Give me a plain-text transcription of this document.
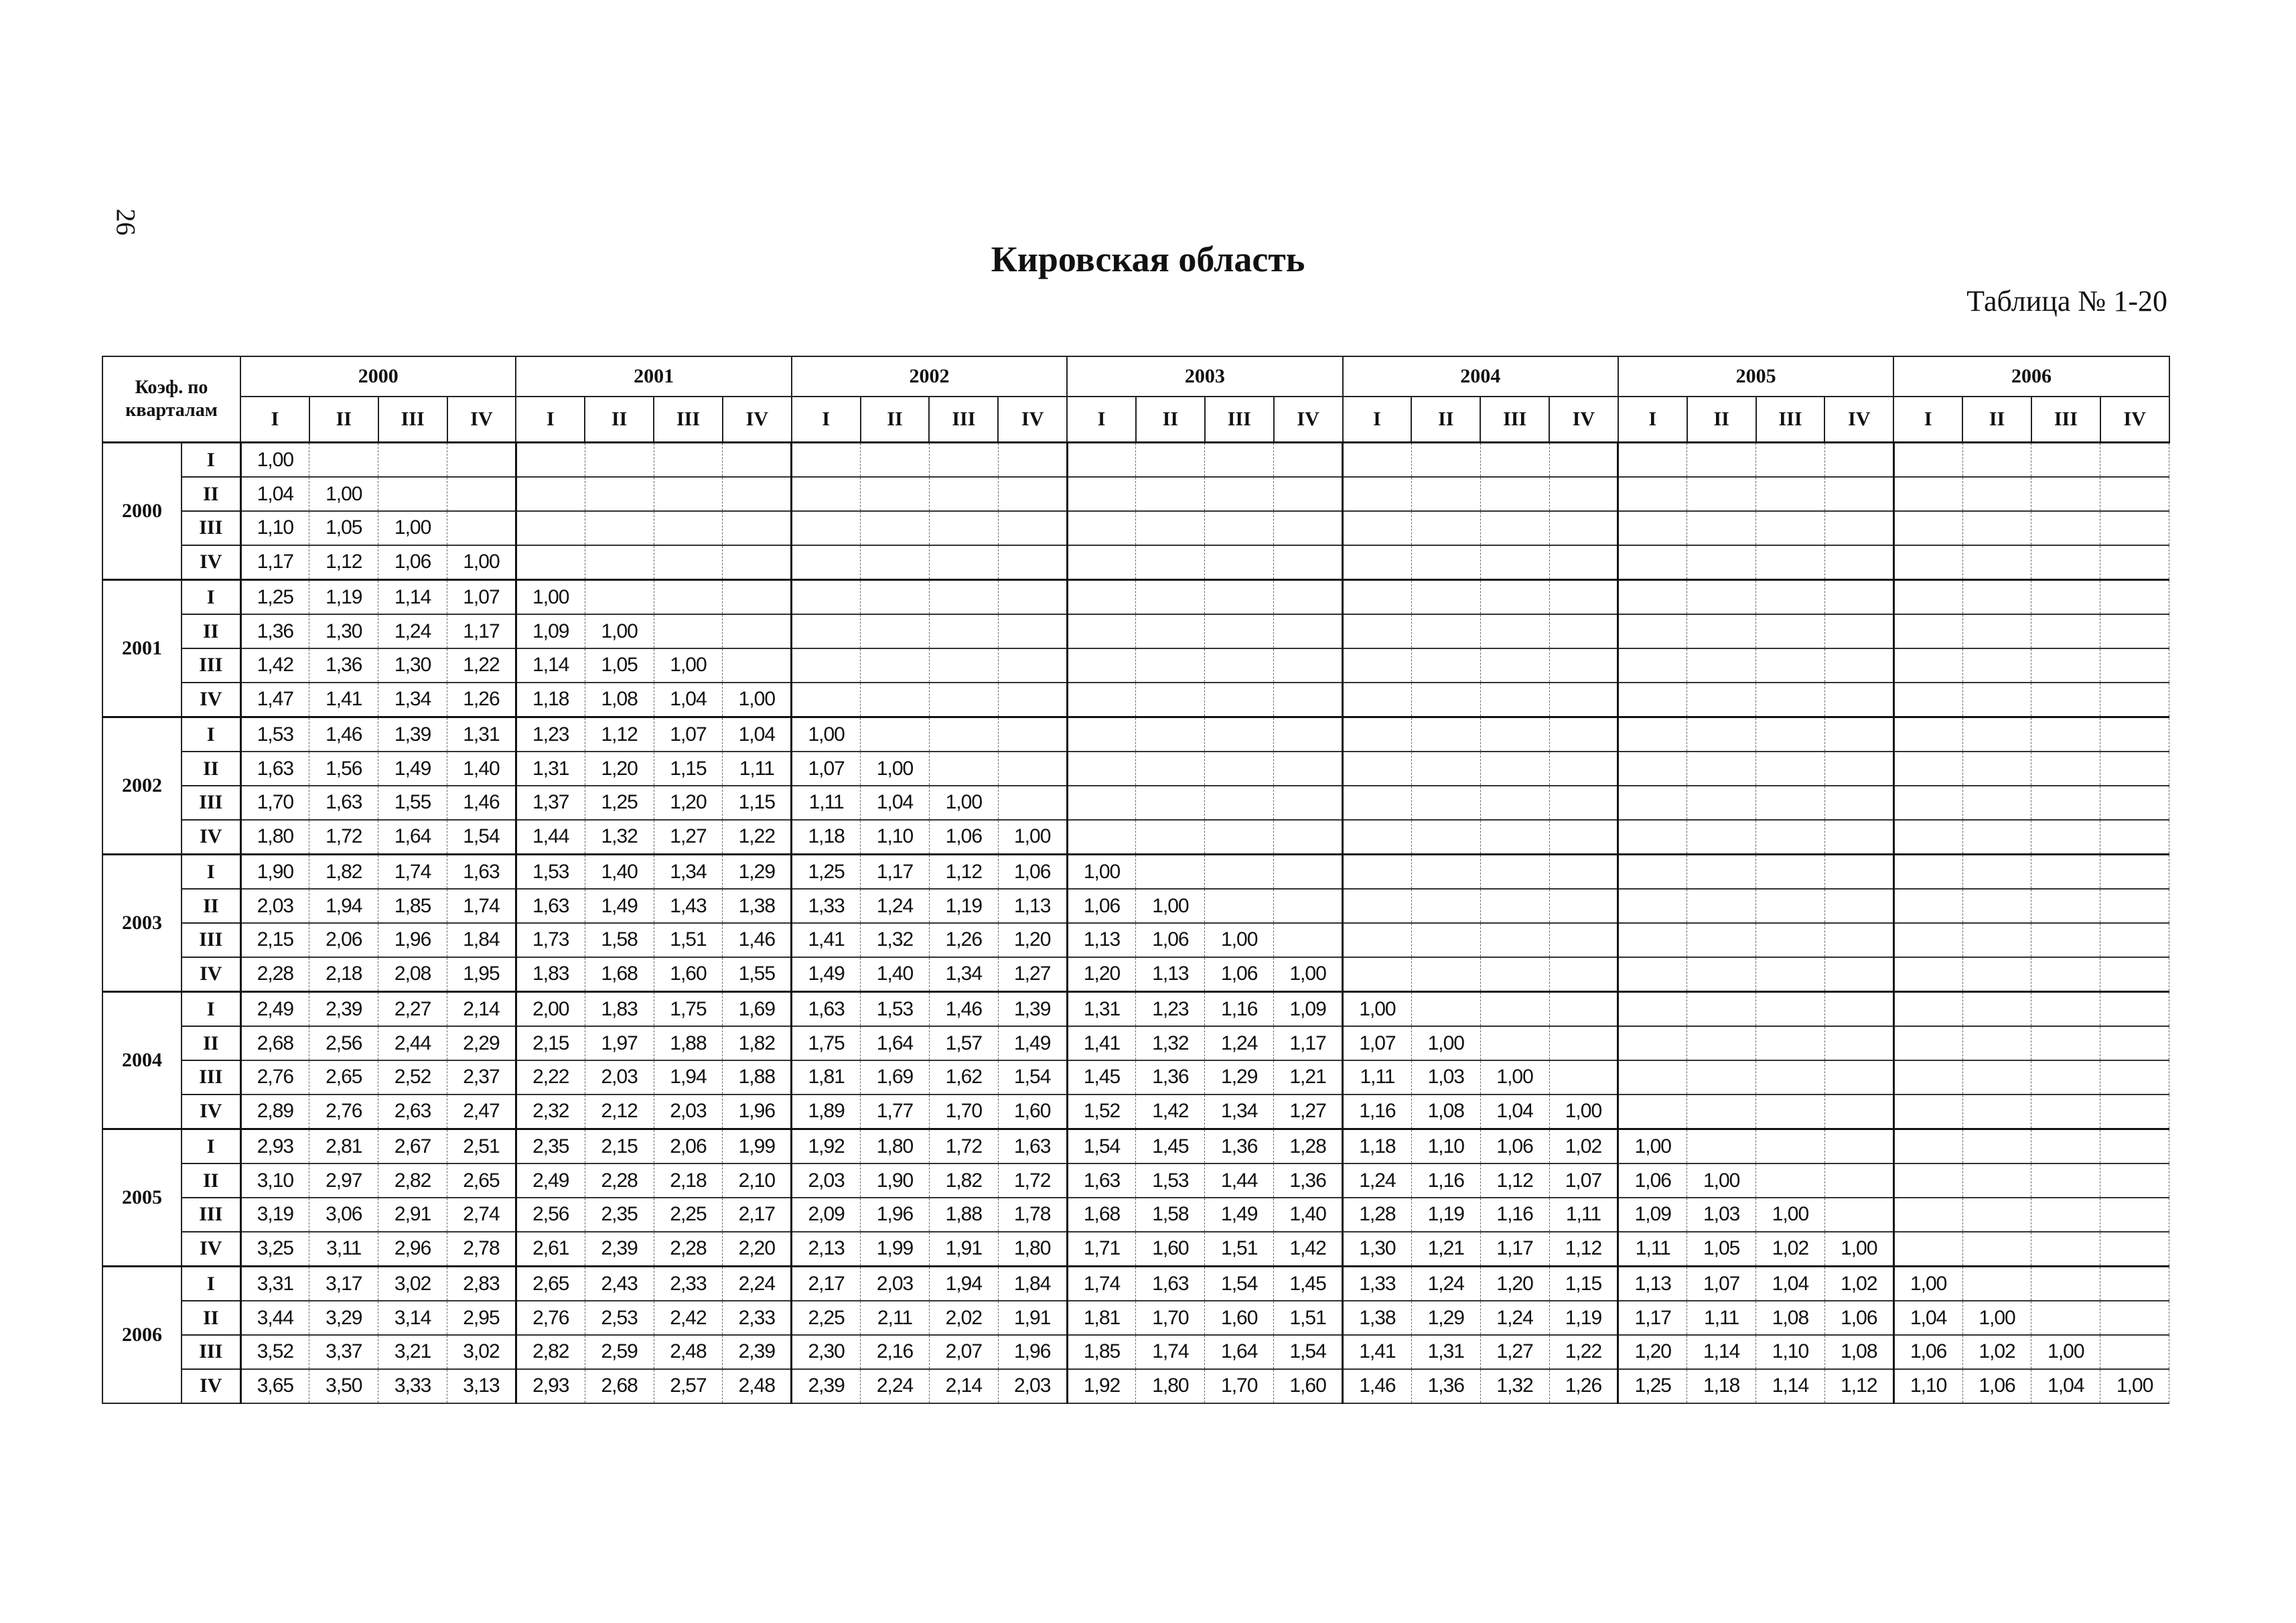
26
Кировская область
Таблица № 1-20
Коэф. по
кварталам		2000				2001				2002				2003				2004				2005				2006			
		I	II	III	IV	I	II	III	IV	I	II	III	IV	I	II	III	IV	I	II	III	IV	I	II	III	IV	I	II	III	IV
2000	I	1,00																											
	II	1,04	1,00																										
	III	1,10	1,05	1,00																									
	IV	1,17	1,12	1,06	1,00																								
2001	I	1,25	1,19	1,14	1,07	1,00																							
	II	1,36	1,30	1,24	1,17	1,09	1,00																						
	III	1,42	1,36	1,30	1,22	1,14	1,05	1,00																					
	IV	1,47	1,41	1,34	1,26	1,18	1,08	1,04	1,00																				
2002	I	1,53	1,46	1,39	1,31	1,23	1,12	1,07	1,04	1,00																			
	II	1,63	1,56	1,49	1,40	1,31	1,20	1,15	1,11	1,07	1,00																		
	III	1,70	1,63	1,55	1,46	1,37	1,25	1,20	1,15	1,11	1,04	1,00																	
	IV	1,80	1,72	1,64	1,54	1,44	1,32	1,27	1,22	1,18	1,10	1,06	1,00																
2003	I	1,90	1,82	1,74	1,63	1,53	1,40	1,34	1,29	1,25	1,17	1,12	1,06	1,00															
	II	2,03	1,94	1,85	1,74	1,63	1,49	1,43	1,38	1,33	1,24	1,19	1,13	1,06	1,00														
	III	2,15	2,06	1,96	1,84	1,73	1,58	1,51	1,46	1,41	1,32	1,26	1,20	1,13	1,06	1,00													
	IV	2,28	2,18	2,08	1,95	1,83	1,68	1,60	1,55	1,49	1,40	1,34	1,27	1,20	1,13	1,06	1,00												
2004	I	2,49	2,39	2,27	2,14	2,00	1,83	1,75	1,69	1,63	1,53	1,46	1,39	1,31	1,23	1,16	1,09	1,00											
	II	2,68	2,56	2,44	2,29	2,15	1,97	1,88	1,82	1,75	1,64	1,57	1,49	1,41	1,32	1,24	1,17	1,07	1,00										
	III	2,76	2,65	2,52	2,37	2,22	2,03	1,94	1,88	1,81	1,69	1,62	1,54	1,45	1,36	1,29	1,21	1,11	1,03	1,00									
	IV	2,89	2,76	2,63	2,47	2,32	2,12	2,03	1,96	1,89	1,77	1,70	1,60	1,52	1,42	1,34	1,27	1,16	1,08	1,04	1,00								
2005	I	2,93	2,81	2,67	2,51	2,35	2,15	2,06	1,99	1,92	1,80	1,72	1,63	1,54	1,45	1,36	1,28	1,18	1,10	1,06	1,02	1,00							
	II	3,10	2,97	2,82	2,65	2,49	2,28	2,18	2,10	2,03	1,90	1,82	1,72	1,63	1,53	1,44	1,36	1,24	1,16	1,12	1,07	1,06	1,00						
	III	3,19	3,06	2,91	2,74	2,56	2,35	2,25	2,17	2,09	1,96	1,88	1,78	1,68	1,58	1,49	1,40	1,28	1,19	1,16	1,11	1,09	1,03	1,00					
	IV	3,25	3,11	2,96	2,78	2,61	2,39	2,28	2,20	2,13	1,99	1,91	1,80	1,71	1,60	1,51	1,42	1,30	1,21	1,17	1,12	1,11	1,05	1,02	1,00				
2006	I	3,31	3,17	3,02	2,83	2,65	2,43	2,33	2,24	2,17	2,03	1,94	1,84	1,74	1,63	1,54	1,45	1,33	1,24	1,20	1,15	1,13	1,07	1,04	1,02	1,00			
	II	3,44	3,29	3,14	2,95	2,76	2,53	2,42	2,33	2,25	2,11	2,02	1,91	1,81	1,70	1,60	1,51	1,38	1,29	1,24	1,19	1,17	1,11	1,08	1,06	1,04	1,00		
	III	3,52	3,37	3,21	3,02	2,82	2,59	2,48	2,39	2,30	2,16	2,07	1,96	1,85	1,74	1,64	1,54	1,41	1,31	1,27	1,22	1,20	1,14	1,10	1,08	1,06	1,02	1,00	
	IV	3,65	3,50	3,33	3,13	2,93	2,68	2,57	2,48	2,39	2,24	2,14	2,03	1,92	1,80	1,70	1,60	1,46	1,36	1,32	1,26	1,25	1,18	1,14	1,12	1,10	1,06	1,04	1,00
